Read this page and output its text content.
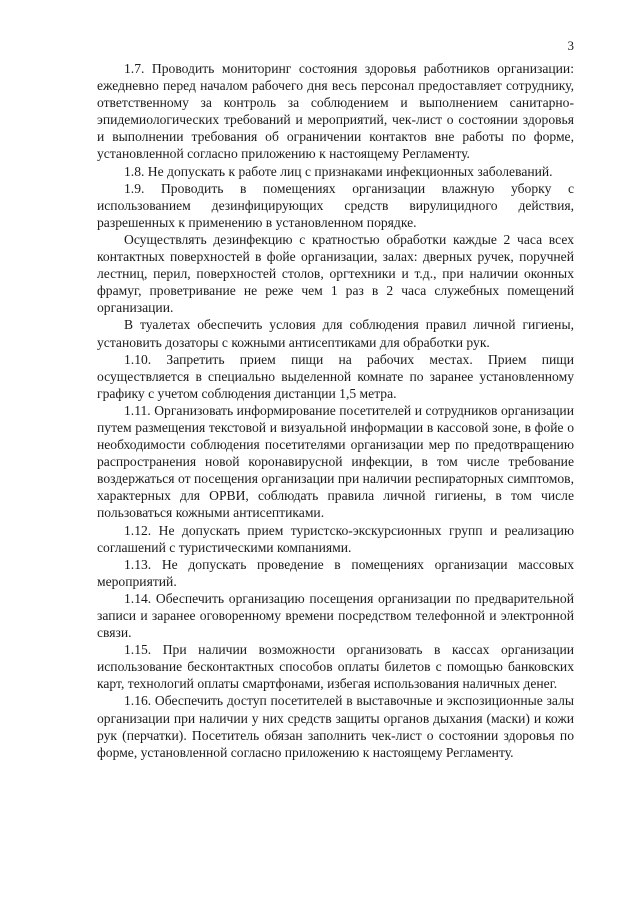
3

1.7. Проводить мониторинг состояния здоровья работников организации: ежедневно перед началом рабочего дня весь персонал предоставляет сотруднику, ответственному за контроль за соблюдением и выполнением санитарно-эпидемиологических требований и мероприятий, чек-лист о состоянии здоровья и выполнении требования об ограничении контактов вне работы по форме, установленной согласно приложению к настоящему Регламенту.

1.8. Не допускать к работе лиц с признаками инфекционных заболеваний.

1.9. Проводить в помещениях организации влажную уборку с использованием дезинфицирующих средств вирулицидного действия, разрешенных к применению в установленном порядке.

Осуществлять дезинфекцию с кратностью обработки каждые 2 часа всех контактных поверхностей в фойе организации, залах: дверных ручек, поручней лестниц, перил, поверхностей столов, оргтехники и т.д., при наличии оконных фрамуг, проветривание не реже чем 1 раз в 2 часа служебных помещений организации.

В туалетах обеспечить условия для соблюдения правил личной гигиены, установить дозаторы с кожными антисептиками для обработки рук.

1.10. Запретить прием пищи на рабочих местах. Прием пищи осуществляется в специально выделенной комнате по заранее установленному графику с учетом соблюдения дистанции 1,5 метра.

1.11. Организовать информирование посетителей и сотрудников организации путем размещения текстовой и визуальной информации в кассовой зоне, в фойе о необходимости соблюдения посетителями организации мер по предотвращению распространения новой коронавирусной инфекции, в том числе требование воздержаться от посещения организации при наличии респираторных симптомов, характерных для ОРВИ, соблюдать правила личной гигиены, в том числе пользоваться кожными антисептиками.

1.12. Не допускать прием туристско-экскурсионных групп и реализацию соглашений с туристическими компаниями.

1.13. Не допускать проведение в помещениях организации массовых мероприятий.

1.14. Обеспечить организацию посещения организации по предварительной записи и заранее оговоренному времени посредством телефонной и электронной связи.

1.15. При наличии возможности организовать в кассах организации использование бесконтактных способов оплаты билетов с помощью банковских карт, технологий оплаты смартфонами, избегая использования наличных денег.

1.16. Обеспечить доступ посетителей в выставочные и экспозиционные залы организации при наличии у них средств защиты органов дыхания (маски) и кожи рук (перчатки). Посетитель обязан заполнить чек-лист о состоянии здоровья по форме, установленной согласно приложению к настоящему Регламенту.
